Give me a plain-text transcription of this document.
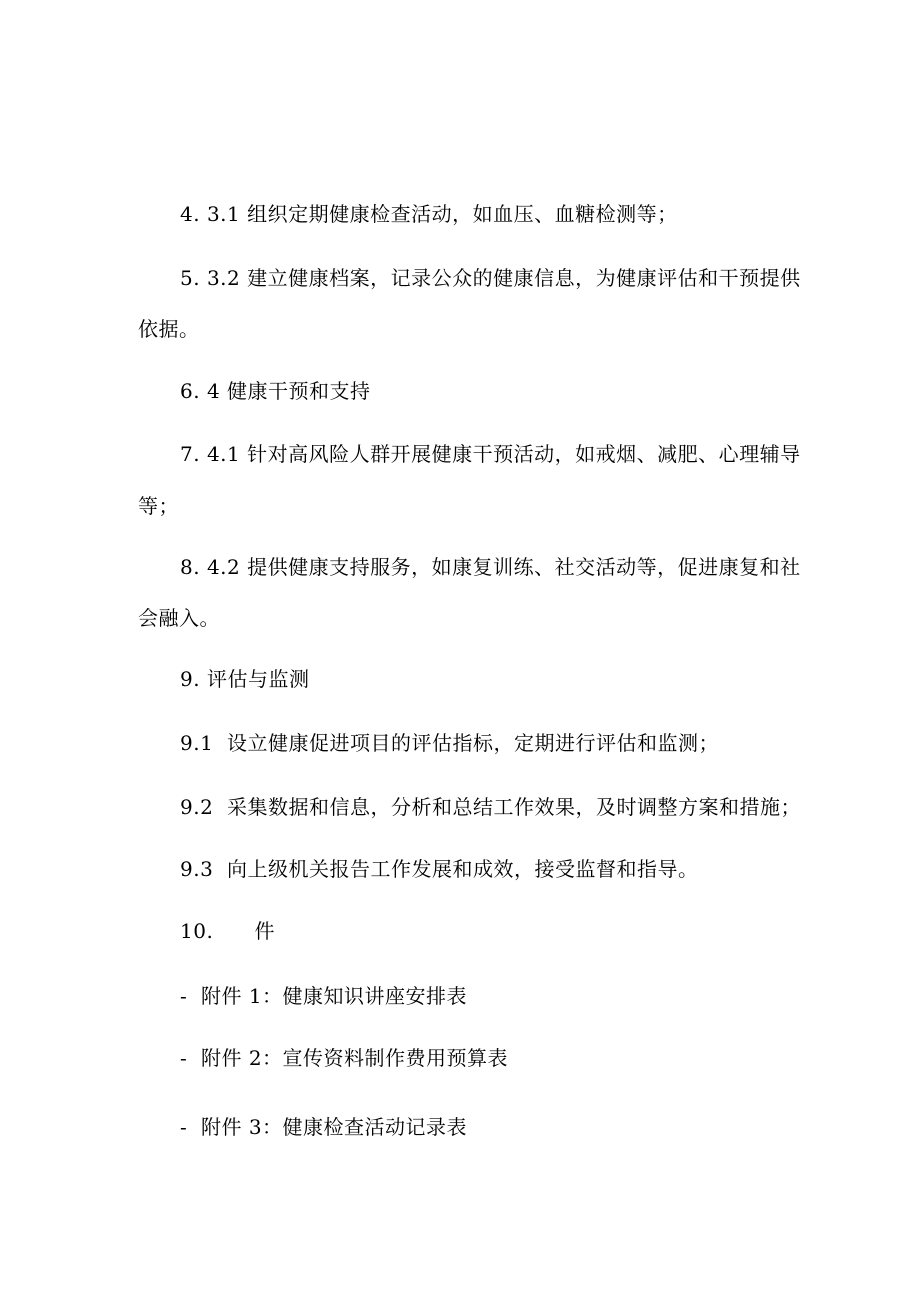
4. 3.1 组织定期健康检查活动，如血压、血糖检测等；
5. 3.2 建立健康档案，记录公众的健康信息，为健康评估和干预提供
依据。
6. 4 健康干预和支持
7. 4.1 针对高风险人群开展健康干预活动，如戒烟、减肥、心理辅导
等；
8. 4.2 提供健康支持服务，如康复训练、社交活动等，促进康复和社
会融入。
9. 评估与监测
9.1  设立健康促进项目的评估指标，定期进行评估和监测；
9.2  采集数据和信息，分析和总结工作效果，及时调整方案和措施；
9.3  向上级机关报告工作发展和成效，接受监督和指导。
10.      件
-  附件 1：健康知识讲座安排表
-  附件 2：宣传资料制作费用预算表
-  附件 3：健康检查活动记录表
